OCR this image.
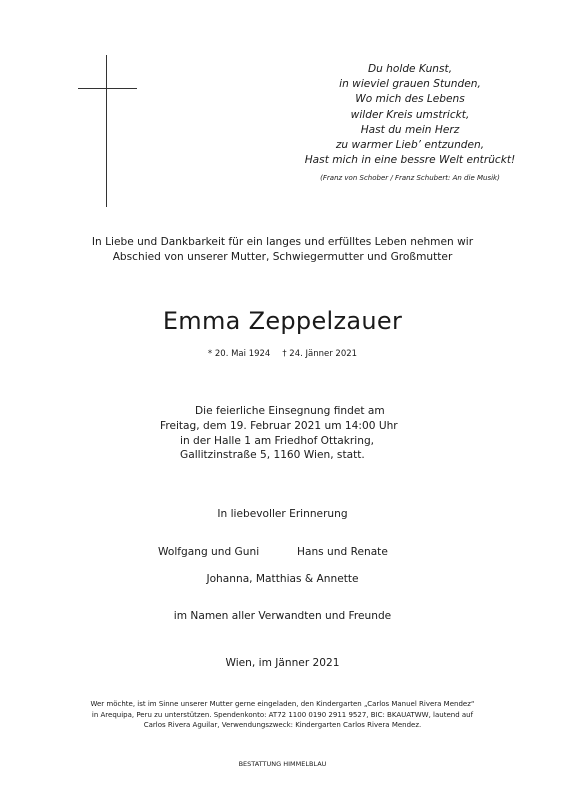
Du holde Kunst,
in wieviel grauen Stunden,
Wo mich des Lebens
wilder Kreis umstrickt,
Hast du mein Herz
zu warmer Lieb’ entzunden,
Hast mich in eine bessre Welt entrückt!
(Franz von Schober / Franz Schubert: An die Musik)
In Liebe und Dankbarkeit für ein langes und erfülltes Leben nehmen wir
Abschied von unserer Mutter, Schwiegermutter und Großmutter
Emma Zeppelzauer
* 20. Mai 1924 † 24. Jänner 2021
Die feierliche Einsegnung findet am
Freitag, dem 19. Februar 2021 um 14:00 Uhr
in der Halle 1 am Friedhof Ottakring,
Gallitzinstraße 5, 1160 Wien, statt.
In liebevoller Erinnerung
Wolfgang und Guni	Hans und Renate
Johanna, Matthias & Annette
im Namen aller Verwandten und Freunde
Wien, im Jänner 2021
Wer möchte, ist im Sinne unserer Mutter gerne eingeladen, den Kindergarten „Carlos Manuel Rivera Mendez“
in Arequipa, Peru zu unterstützen. Spendenkonto: AT72 1100 0190 2911 9527, BIC: BKAUATWW, lautend auf
Carlos Rivera Aguilar, Verwendungszweck: Kindergarten Carlos Rivera Mendez.
BESTATTUNG HIMMELBLAU
